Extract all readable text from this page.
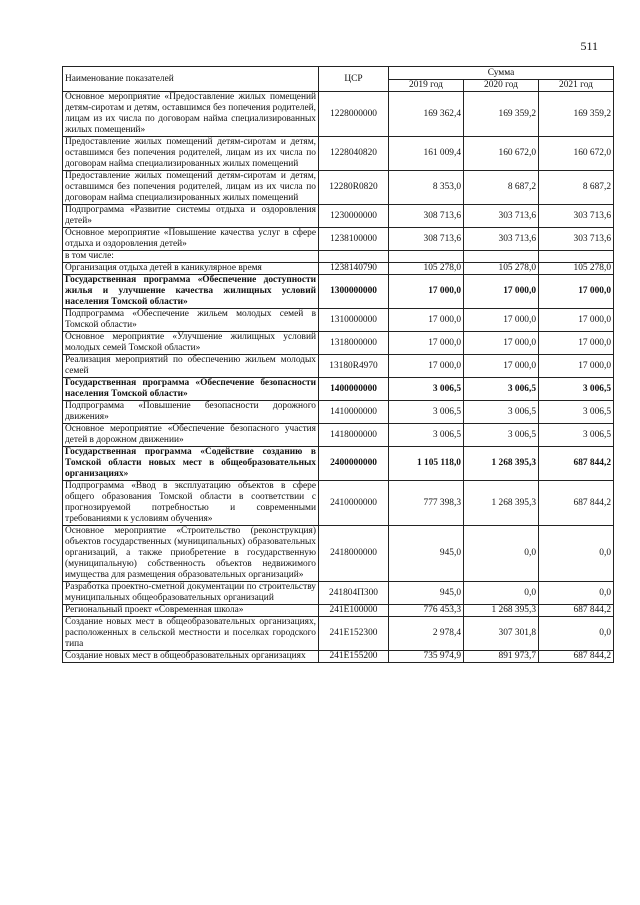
511
Наименование показателей	ЦСР	Сумма		
		2019 год	2020 год	2021 год
Основное мероприятие «Предоставление жилых помещений детям-сиротам и детям, оставшимся без попечения родителей, лицам из их числа по договорам найма специализированных жилых помещений»	1228000000	169 362,4	169 359,2	169 359,2
Предоставление жилых помещений детям-сиротам и детям, оставшимся без попечения родителей, лицам из их числа по договорам найма специализированных жилых помещений	1228040820	161 009,4	160 672,0	160 672,0
Предоставление жилых помещений детям-сиротам и детям, оставшимся без попечения родителей, лицам из их числа по договорам найма специализированных жилых помещений	12280R0820	8 353,0	8 687,2	8 687,2
Подпрограмма «Развитие системы отдыха и оздоровления детей»	1230000000	308 713,6	303 713,6	303 713,6
Основное мероприятие «Повышение качества услуг в сфере отдыха и оздоровления детей»	1238100000	308 713,6	303 713,6	303 713,6
в том числе:				
Организация отдыха детей в каникулярное время	1238140790	105 278,0	105 278,0	105 278,0
Государственная программа «Обеспечение доступности жилья и улучшение качества жилищных условий населения Томской области»	1300000000	17 000,0	17 000,0	17 000,0
Подпрограмма «Обеспечение жильем молодых семей в Томской области»	1310000000	17 000,0	17 000,0	17 000,0
Основное мероприятие «Улучшение жилищных условий молодых семей Томской области»	1318000000	17 000,0	17 000,0	17 000,0
Реализация мероприятий по обеспечению жильем молодых семей	13180R4970	17 000,0	17 000,0	17 000,0
Государственная программа «Обеспечение безопасности населения Томской области»	1400000000	3 006,5	3 006,5	3 006,5
Подпрограмма «Повышение безопасности дорожного движения»	1410000000	3 006,5	3 006,5	3 006,5
Основное мероприятие «Обеспечение безопасного участия детей в дорожном движении»	1418000000	3 006,5	3 006,5	3 006,5
Государственная программа «Содействие созданию в Томской области новых мест в общеобразовательных организациях»	2400000000	1 105 118,0	1 268 395,3	687 844,2
Подпрограмма «Ввод в эксплуатацию объектов в сфере общего образования Томской области в соответствии с прогнозируемой потребностью и современными требованиями к условиям обучения»	2410000000	777 398,3	1 268 395,3	687 844,2
Основное мероприятие «Строительство (реконструкция) объектов государственных (муниципальных) образовательных организаций, а также приобретение в государственную (муниципальную) собственность объектов недвижимого имущества для размещения образовательных организаций»	2418000000	945,0	0,0	0,0
Разработка проектно-сметной документации по строительству муниципальных общеобразовательных организаций	241804П300	945,0	0,0	0,0
Региональный проект «Современная школа»	241E100000	776 453,3	1 268 395,3	687 844,2
Создание новых мест в общеобразовательных организациях, расположенных в сельской местности и поселках городского типа	241E152300	2 978,4	307 301,8	0,0
Создание новых мест в общеобразовательных организациях	241E155200	735 974,9	891 973,7	687 844,2
